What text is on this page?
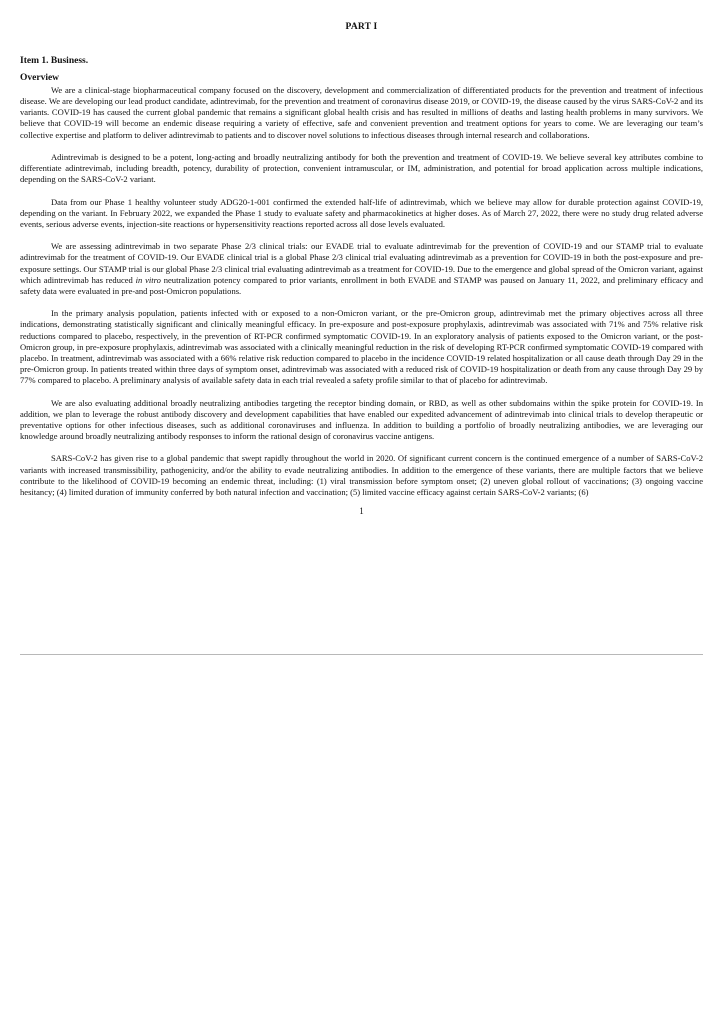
PART I
Item 1. Business.
Overview

We are a clinical-stage biopharmaceutical company focused on the discovery, development and commercialization of differentiated products for the prevention and treatment of infectious disease. We are developing our lead product candidate, adintrevimab, for the prevention and treatment of coronavirus disease 2019, or COVID-19, the disease caused by the virus SARS-CoV-2 and its variants. COVID-19 has caused the current global pandemic that remains a significant global health crisis and has resulted in millions of deaths and lasting health problems in many survivors. We believe that COVID-19 will become an endemic disease requiring a variety of effective, safe and convenient prevention and treatment options for years to come. We are leveraging our team’s collective expertise and platform to deliver adintrevimab to patients and to discover novel solutions to infectious diseases through internal research and collaborations.

Adintrevimab is designed to be a potent, long-acting and broadly neutralizing antibody for both the prevention and treatment of COVID-19. We believe several key attributes combine to differentiate adintrevimab, including breadth, potency, durability of protection, convenient intramuscular, or IM, administration, and potential for broad application across multiple indications, depending on the SARS-CoV-2 variant.

Data from our Phase 1 healthy volunteer study ADG20-1-001 confirmed the extended half-life of adintrevimab, which we believe may allow for durable protection against COVID-19, depending on the variant. In February 2022, we expanded the Phase 1 study to evaluate safety and pharmacokinetics at higher doses. As of March 27, 2022, there were no study drug related adverse events, serious adverse events, injection-site reactions or hypersensitivity reactions reported across all dose levels evaluated.

We are assessing adintrevimab in two separate Phase 2/3 clinical trials: our EVADE trial to evaluate adintrevimab for the prevention of COVID-19 and our STAMP trial to evaluate adintrevimab for the treatment of COVID-19. Our EVADE clinical trial is a global Phase 2/3 clinical trial evaluating adintrevimab as a prevention for COVID-19 in both the post-exposure and pre-exposure settings. Our STAMP trial is our global Phase 2/3 clinical trial evaluating adintrevimab as a treatment for COVID-19. Due to the emergence and global spread of the Omicron variant, against which adintrevimab has reduced in vitro neutralization potency compared to prior variants, enrollment in both EVADE and STAMP was paused on January 11, 2022, and preliminary efficacy and safety data were evaluated in pre-and post-Omicron populations.

In the primary analysis population, patients infected with or exposed to a non-Omicron variant, or the pre-Omicron group, adintrevimab met the primary objectives across all three indications, demonstrating statistically significant and clinically meaningful efficacy. In pre-exposure and post-exposure prophylaxis, adintrevimab was associated with 71% and 75% relative risk reductions compared to placebo, respectively, in the prevention of RT-PCR confirmed symptomatic COVID-19. In an exploratory analysis of patients exposed to the Omicron variant, or the post-Omicron group, in pre-exposure prophylaxis, adintrevimab was associated with a clinically meaningful reduction in the risk of developing RT-PCR confirmed symptomatic COVID-19 compared with placebo. In treatment, adintrevimab was associated with a 66% relative risk reduction compared to placebo in the incidence COVID-19 related hospitalization or all cause death through Day 29 in the pre-Omicron group. In patients treated within three days of symptom onset, adintrevimab was associated with a reduced risk of COVID-19 hospitalization or death from any cause through Day 29 by 77% compared to placebo. A preliminary analysis of available safety data in each trial revealed a safety profile similar to that of placebo for adintrevimab.

We are also evaluating additional broadly neutralizing antibodies targeting the receptor binding domain, or RBD, as well as other subdomains within the spike protein for COVID-19. In addition, we plan to leverage the robust antibody discovery and development capabilities that have enabled our expedited advancement of adintrevimab into clinical trials to develop therapeutic or preventative options for other infectious diseases, such as additional coronaviruses and influenza. In addition to building a portfolio of broadly neutralizing antibodies, we are leveraging our knowledge around broadly neutralizing antibody responses to inform the rational design of coronavirus vaccine antigens.

SARS-CoV-2 has given rise to a global pandemic that swept rapidly throughout the world in 2020. Of significant current concern is the continued emergence of a number of SARS-CoV-2 variants with increased transmissibility, pathogenicity, and/or the ability to evade neutralizing antibodies. In addition to the emergence of these variants, there are multiple factors that we believe contribute to the likelihood of COVID-19 becoming an endemic threat, including: (1) viral transmission before symptom onset; (2) uneven global rollout of vaccinations; (3) ongoing vaccine hesitancy; (4) limited duration of immunity conferred by both natural infection and vaccination; (5) limited vaccine efficacy against certain SARS-CoV-2 variants; (6)

1
